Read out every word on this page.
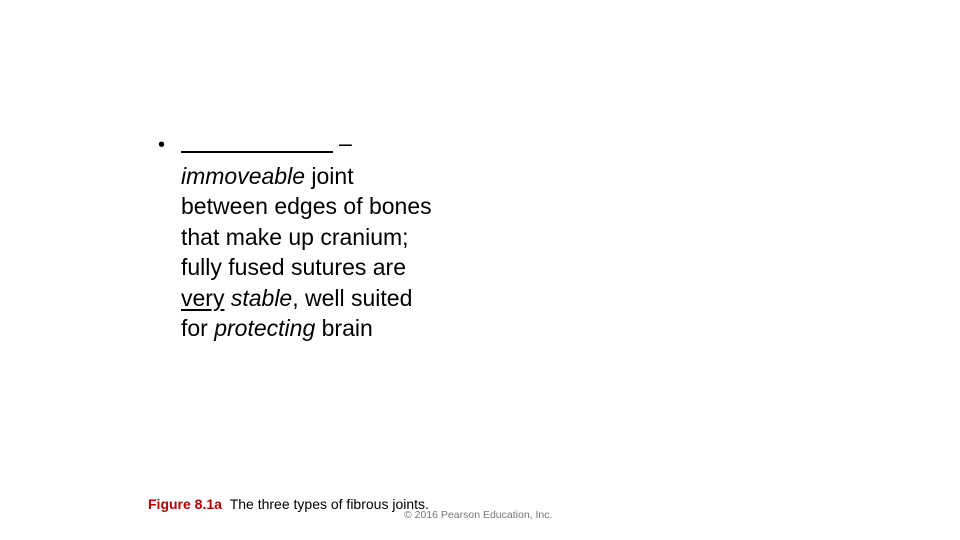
•	–
immoveable joint
between edges of bones
that make up cranium;
fully fused sutures are
very stable, well suited
for protecting brain
Figure 8.1a The three types of fibrous joints.
© 2016 Pearson Education, Inc.
